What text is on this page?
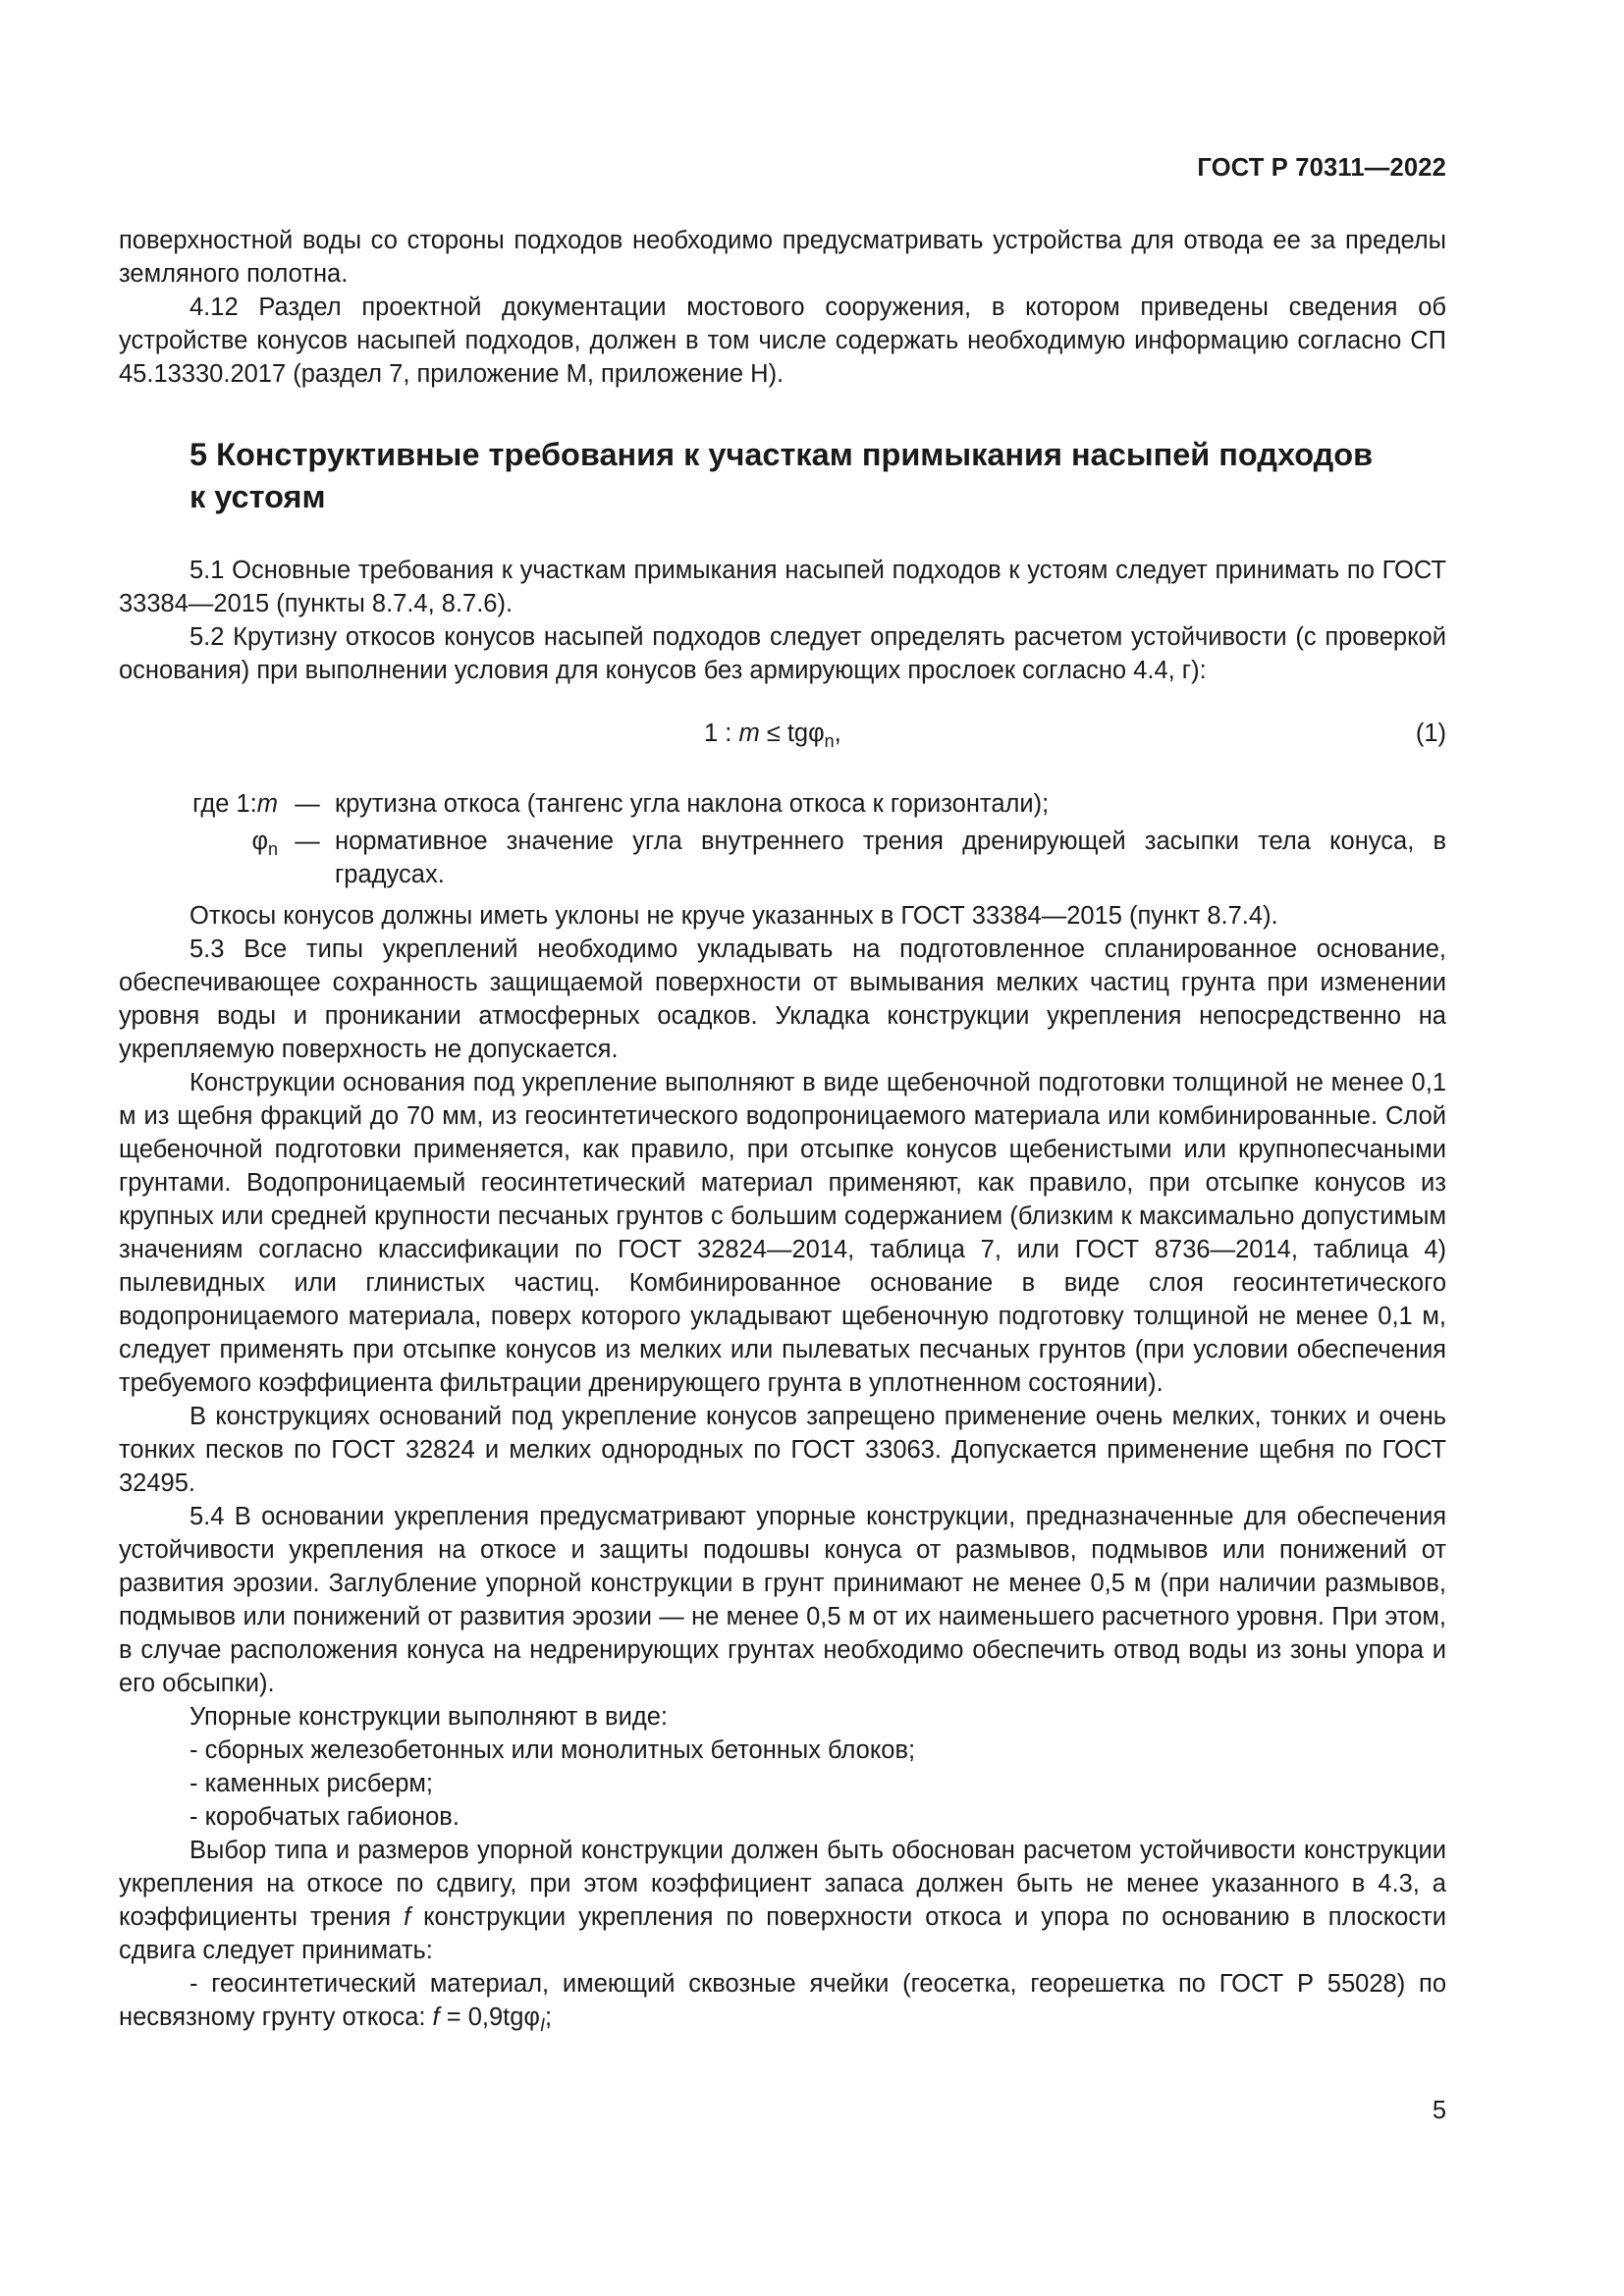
ГОСТ Р 70311—2022

поверхностной воды со стороны подходов необходимо предусматривать устройства для отвода ее за пределы земляного полотна.

4.12 Раздел проектной документации мостового сооружения, в котором приведены сведения об устройстве конусов насыпей подходов, должен в том числе содержать необходимую информацию согласно СП 45.13330.2017 (раздел 7, приложение М, приложение Н).

5 Конструктивные требования к участкам примыкания насыпей подходов
к устоям

5.1 Основные требования к участкам примыкания насыпей подходов к устоям следует принимать по ГОСТ 33384—2015 (пункты 8.7.4, 8.7.6).

5.2 Крутизну откосов конусов насыпей подходов следует определять расчетом устойчивости (с проверкой основания) при выполнении условия для конусов без армирующих прослоек согласно 4.4, г):

1 : m ≤ tgφ$_n$,	(1)
где 1:m — крутизна откоса (тангенс угла наклона откоса к горизонтали);
$\varphi_n$ — нормативное значение угла внутреннего трения дренирующей засыпки тела конуса, в градусах.

Откосы конусов должны иметь уклоны не круче указанных в ГОСТ 33384—2015 (пункт 8.7.4).

5.3 Все типы укреплений необходимо укладывать на подготовленное спланированное основание, обеспечивающее сохранность защищаемой поверхности от вымывания мелких частиц грунта при изменении уровня воды и проникании атмосферных осадков. Укладка конструкции укрепления непосредственно на укрепляемую поверхность не допускается.

Конструкции основания под укрепление выполняют в виде щебеночной подготовки толщиной не менее 0,1 м из щебня фракций до 70 мм, из геосинтетического водопроницаемого материала или комбинированные. Слой щебеночной подготовки применяется, как правило, при отсыпке конусов щебенистыми или крупнопесчаными грунтами. Водопроницаемый геосинтетический материал применяют, как правило, при отсыпке конусов из крупных или средней крупности песчаных грунтов с большим содержанием (близким к максимально допустимым значениям согласно классификации по ГОСТ 32824—2014, таблица 7, или ГОСТ 8736—2014, таблица 4) пылевидных или глинистых частиц. Комбинированное основание в виде слоя геосинтетического водопроницаемого материала, поверх которого укладывают щебеночную подготовку толщиной не менее 0,1 м, следует применять при отсыпке конусов из мелких или пылеватых песчаных грунтов (при условии обеспечения требуемого коэффициента фильтрации дренирующего грунта в уплотненном состоянии).

В конструкциях оснований под укрепление конусов запрещено применение очень мелких, тонких и очень тонких песков по ГОСТ 32824 и мелких однородных по ГОСТ 33063. Допускается применение щебня по ГОСТ 32495.

5.4 В основании укрепления предусматривают упорные конструкции, предназначенные для обеспечения устойчивости укрепления на откосе и защиты подошвы конуса от размывов, подмывов или понижений от развития эрозии. Заглубление упорной конструкции в грунт принимают не менее 0,5 м (при наличии размывов, подмывов или понижений от развития эрозии — не менее 0,5 м от их наименьшего расчетного уровня. При этом, в случае расположения конуса на недренирующих грунтах необходимо обеспечить отвод воды из зоны упора и его обсыпки).

Упорные конструкции выполняют в виде:

- сборных железобетонных или монолитных бетонных блоков;

- каменных рисберм;

- коробчатых габионов.

Выбор типа и размеров упорной конструкции должен быть обоснован расчетом устойчивости конструкции укрепления на откосе по сдвигу, при этом коэффициент запаса должен быть не менее указанного в 4.3, а коэффициенты трения f конструкции укрепления по поверхности откоса и упора по основанию в плоскости сдвига следует принимать:

- геосинтетический материал, имеющий сквозные ячейки (геосетка, георешетка по ГОСТ Р 55028) по несвязному грунту откоса: f = 0,9tgφ$_I$;

5
